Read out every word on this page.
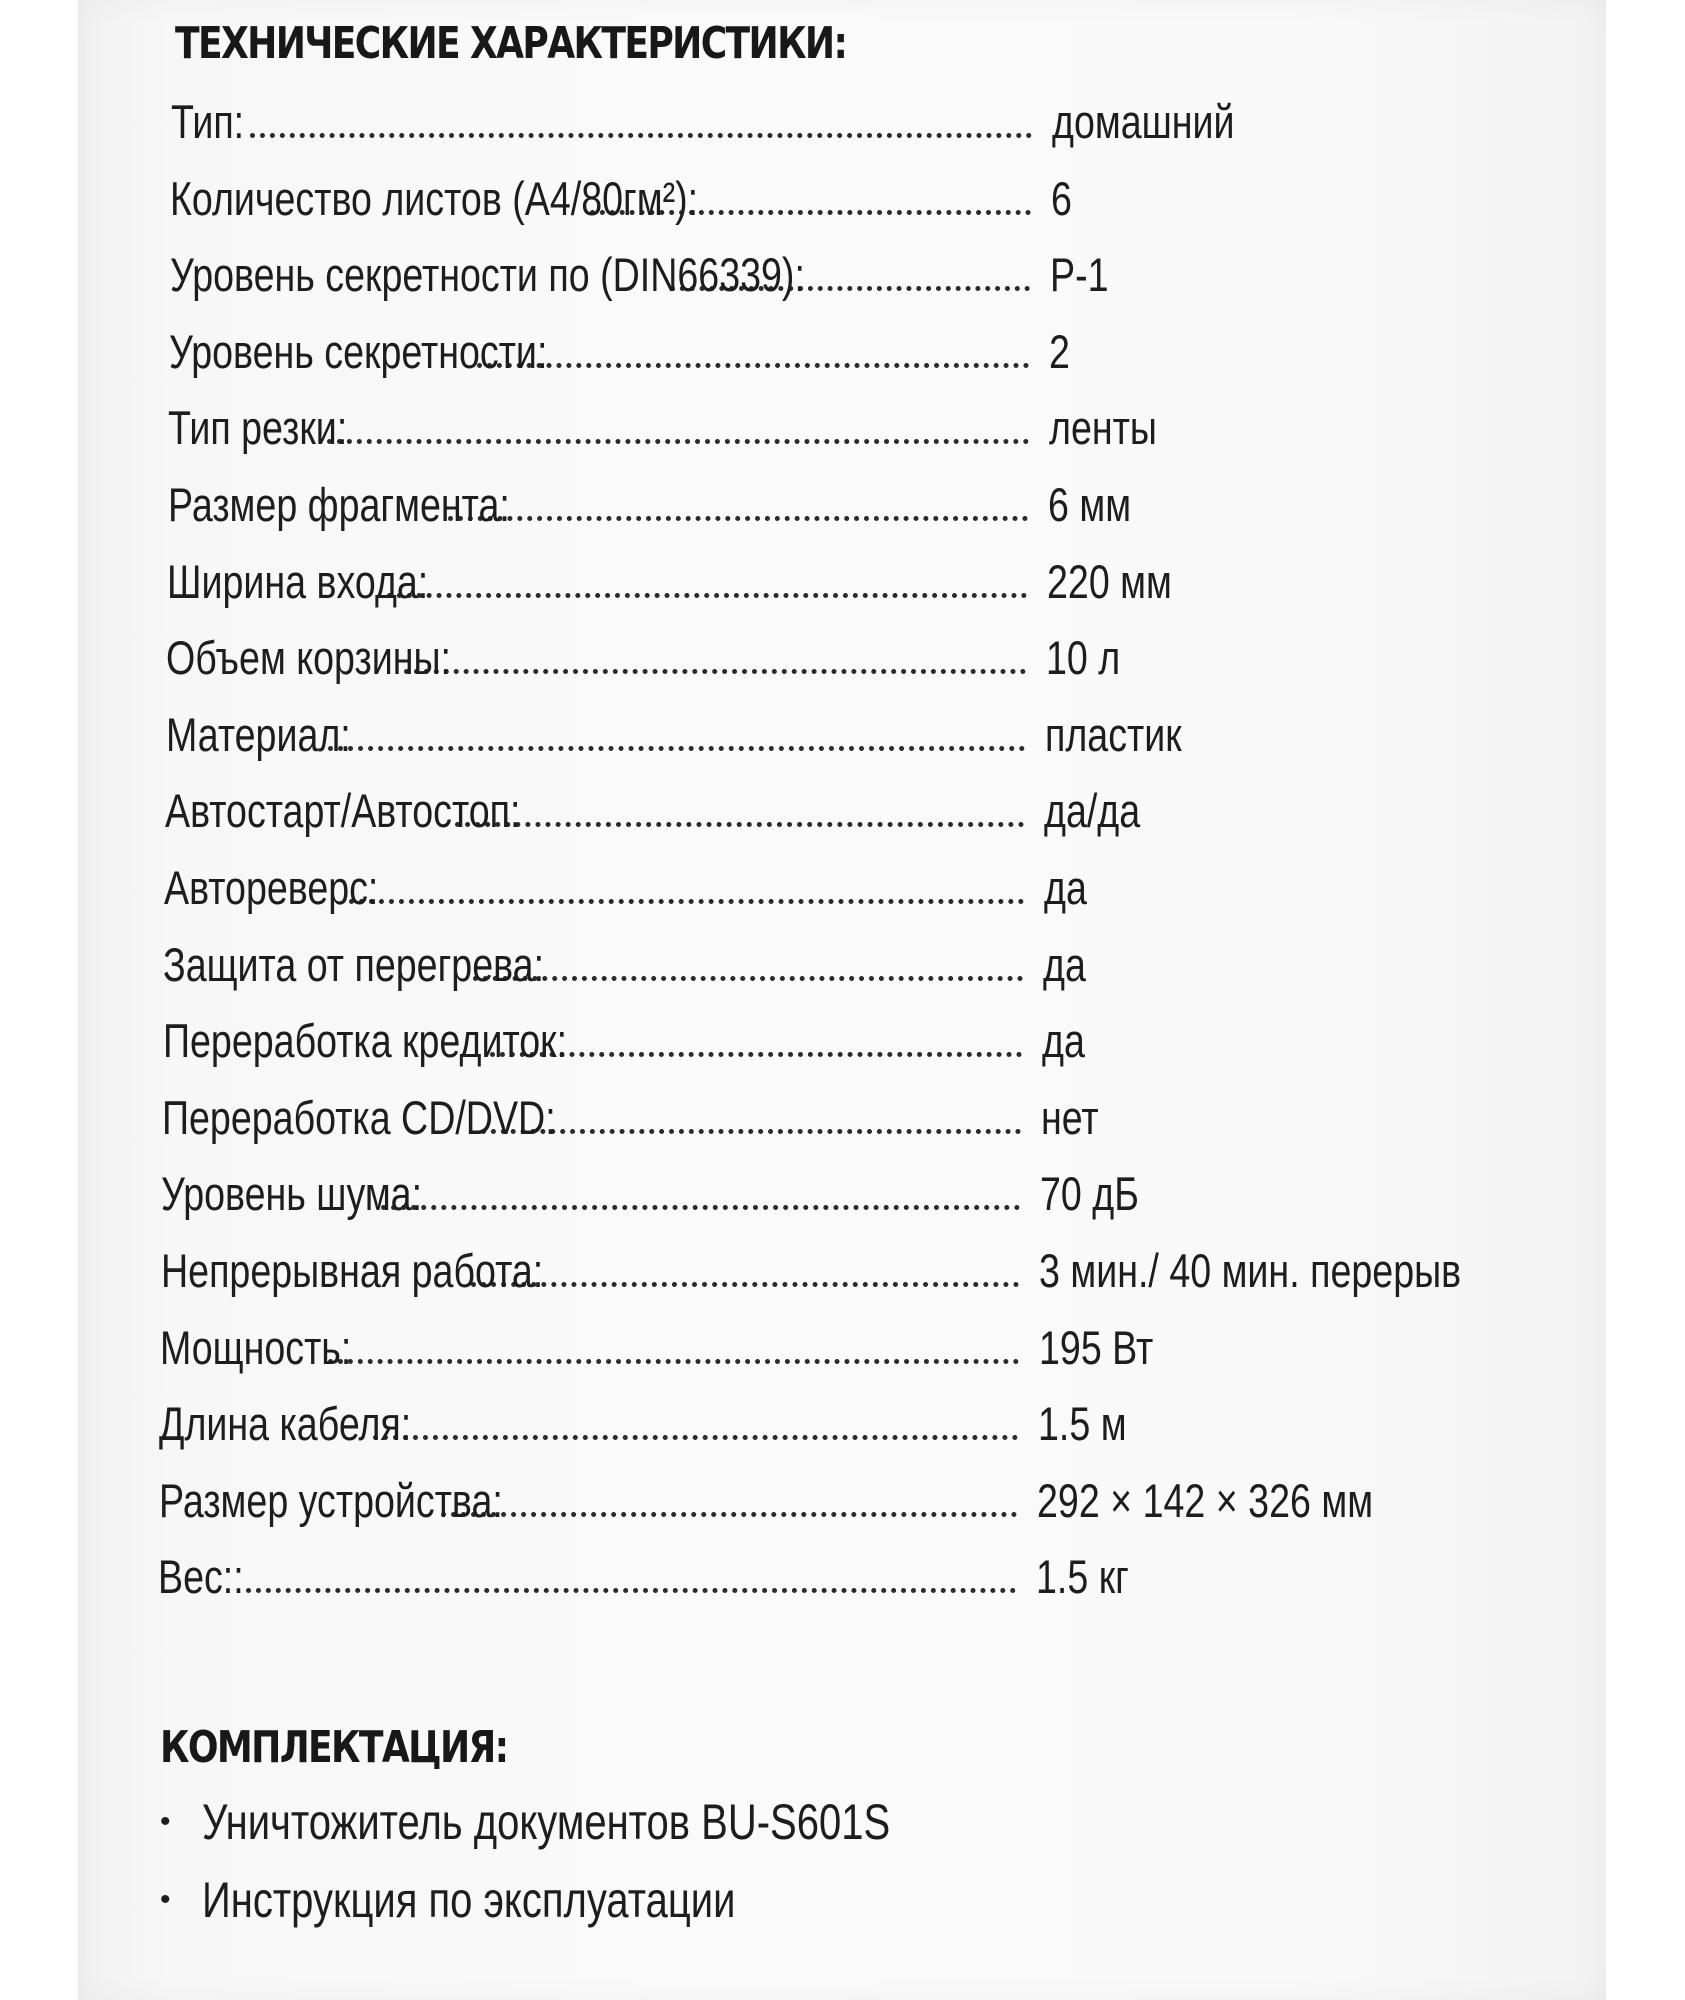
ТЕХНИЧЕСКИЕ ХАРАКТЕРИСТИКИ:
Тип:	домашний
Количество листов (А4/80гм²):	6
Уровень секретности по (DIN66339):	Р-1
Уровень секретности:	2
Тип резки:	ленты
Размер фрагмента:	6 мм
Ширина входа:	220 мм
Объем корзины:	10 л
Материал:	пластик
Автостарт/Автостоп:	да/да
Автореверс:	да
Защита от перегрева:	да
Переработка кредиток:	да
Переработка CD/DVD:	нет
Уровень шума:	70 дБ
Непрерывная работа:	3 мин./ 40 мин. перерыв
Мощность:	195 Вт
Длина кабеля:	1.5 м
Размер устройства:	292 × 142 × 326 мм
Вес::	1.5 кг
КОМПЛЕКТАЦИЯ:
• Уничтожитель документов BU-S601S
• Инструкция по эксплуатации
